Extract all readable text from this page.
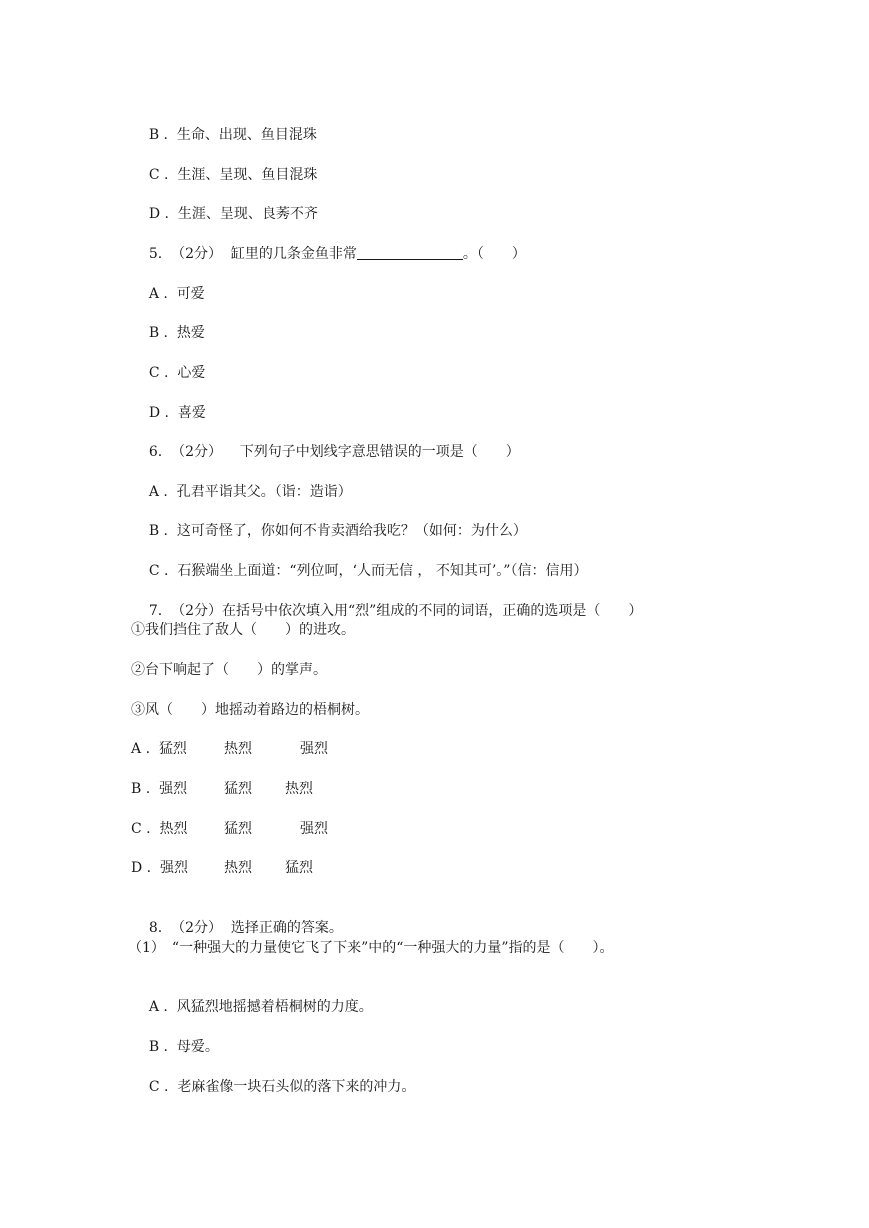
B .  生命、出现、鱼目混珠

C .  生涯、呈现、鱼目混珠

D .  生涯、呈现、良莠不齐

5. （2分） 缸里的几条金鱼非常	。（　　）

A .  可爱

B .  热爱

C .  心爱

D .  喜爱

6. （2分） 下列句子中划线字意思错误的一项是（　　）

A .  孔君平诣其父。（诣：造诣）

B .  这可奇怪了，你如何不肯卖酒给我吃？（如何：为什么）

C .  石猴端坐上面道：“列位呵，‘人而无信 ， 不知其可’。”（信：信用）

7. （2分）在括号中依次填入用“烈”组成的不同的词语，正确的选项是（　　）

①我们挡住了敌人（　　）的进攻。
②台下响起了（　　）的掌声。
③风（　　）地摇动着路边的梧桐树。
A .  猛烈	热烈	强烈
B .  强烈	猛烈 热烈
C .  热烈	猛烈	强烈
D .  强烈	热烈 猛烈

8. （2分） 选择正确的答案。

（1）　“一种强大的力量使它飞了下来”中的“一种强大的力量”指的是（　　）。

A .  风猛烈地摇撼着梧桐树的力度。

B .  母爱。

C .  老麻雀像一块石头似的落下来的冲力。
